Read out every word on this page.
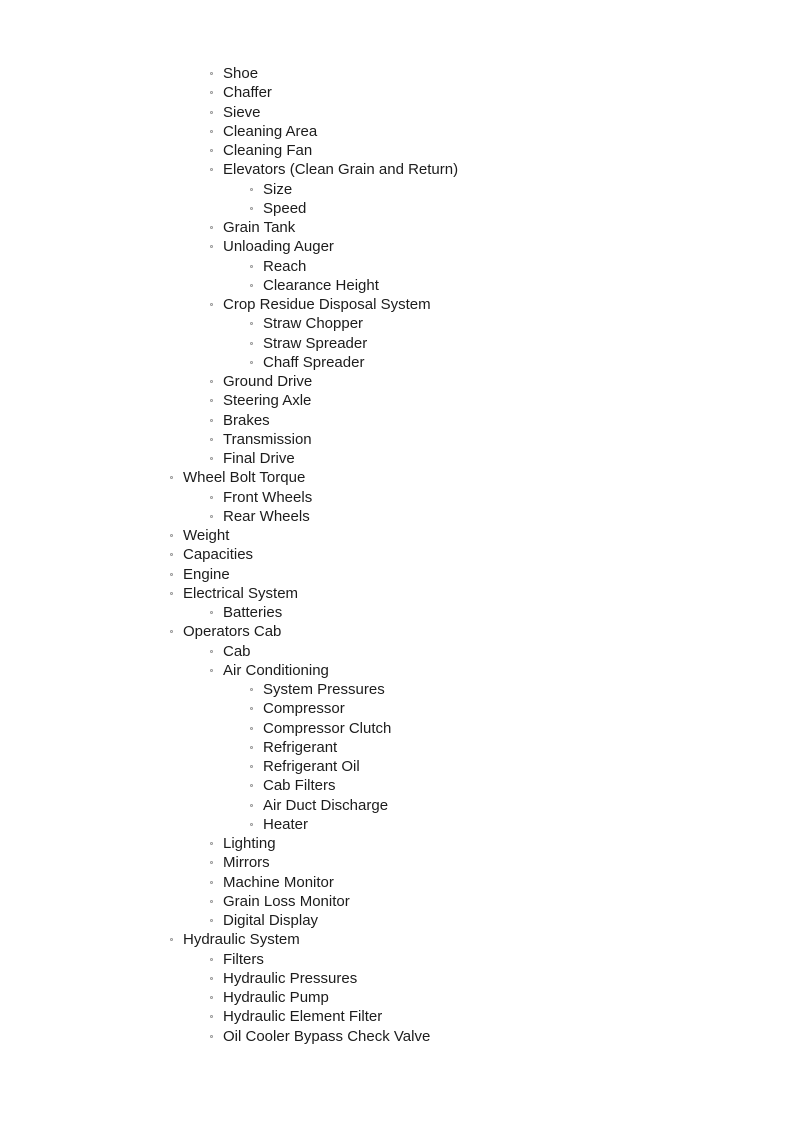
Shoe
Chaffer
Sieve
Cleaning Area
Cleaning Fan
Elevators (Clean Grain and Return)
Size
Speed
Grain Tank
Unloading Auger
Reach
Clearance Height
Crop Residue Disposal System
Straw Chopper
Straw Spreader
Chaff Spreader
Ground Drive
Steering Axle
Brakes
Transmission
Final Drive
Wheel Bolt Torque
Front Wheels
Rear Wheels
Weight
Capacities
Engine
Electrical System
Batteries
Operators Cab
Cab
Air Conditioning
System Pressures
Compressor
Compressor Clutch
Refrigerant
Refrigerant Oil
Cab Filters
Air Duct Discharge
Heater
Lighting
Mirrors
Machine Monitor
Grain Loss Monitor
Digital Display
Hydraulic System
Filters
Hydraulic Pressures
Hydraulic Pump
Hydraulic Element Filter
Oil Cooler Bypass Check Valve
